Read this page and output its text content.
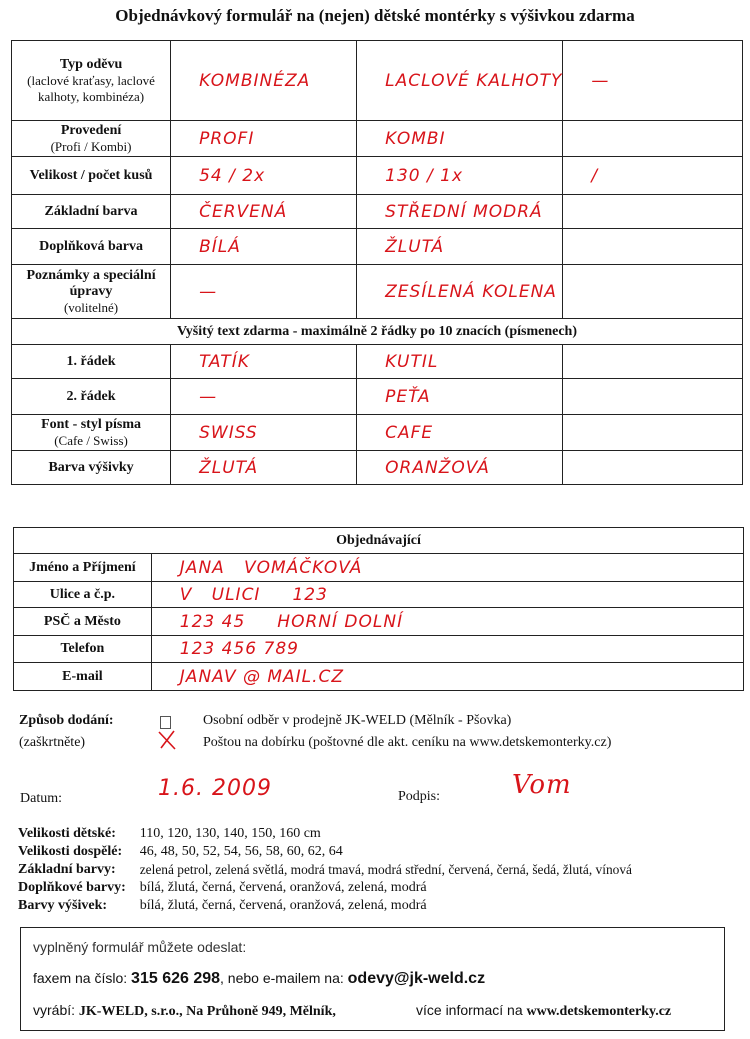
Objednávkový formulář na (nejen) dětské montérky s výšivkou zdarma
Typ oděvu
(laclové kraťasy, laclové kalhoty, kombinéza)	KOMBINÉZA	LACLOVÉ KALHOTY	—
Provedení
(Profi / Kombi)	PROFI	KOMBI	
Velikost / počet kusů	54 / 2x	130 / 1x	/
Základní barva	ČERVENÁ	STŘEDNÍ MODRÁ	
Doplňková barva	BÍLÁ	ŽLUTÁ	
Poznámky a speciální úpravy
(volitelné)	—	ZESÍLENÁ KOLENA	
Vyšitý text zdarma - maximálně 2 řádky po 10 znacích (písmenech)			
1. řádek	TATÍK	KUTIL	
2. řádek	—	PEŤA	
Font - styl písma
(Cafe / Swiss)	SWISS	CAFE	
Barva výšivky	ŽLUTÁ	ORANŽOVÁ	
Objednávající	
Jméno a Příjmení	JANA   VOMÁČKOVÁ
Ulice a č.p.	V   ULICI     123
PSČ a Město	123 45     HORNÍ DOLNÍ
Telefon	123 456 789
E-mail	JANAV @ MAIL.CZ
Způsob dodání:
(zaškrtněte)
Osobní odběr v prodejně JK-WELD (Mělník - Pšovka)
Poštou na dobírku (poštovné dle akt. ceníku na www.detskemonterky.cz)
Datum:	1.6. 2009	Podpis:	Vom
Velikosti dětské:	110, 120, 130, 140, 150, 160 cm
Velikosti dospělé:	46, 48, 50, 52, 54, 56, 58, 60, 62, 64
Základní barvy:	zelená petrol, zelená světlá, modrá tmavá, modrá střední, červená, černá, šedá, žlutá, vínová
Doplňkové barvy:	bílá, žlutá, černá, červená, oranžová, zelená, modrá
Barvy výšivek:	bílá, žlutá, černá, červená, oranžová, zelená, modrá
vyplněný formulář můžete odeslat:
faxem na číslo: 315 626 298, nebo e-mailem na: odevy@jk-weld.cz
vyrábí: JK-WELD, s.r.o., Na Průhoně 949, Mělník,	více informací na www.detskemonterky.cz
